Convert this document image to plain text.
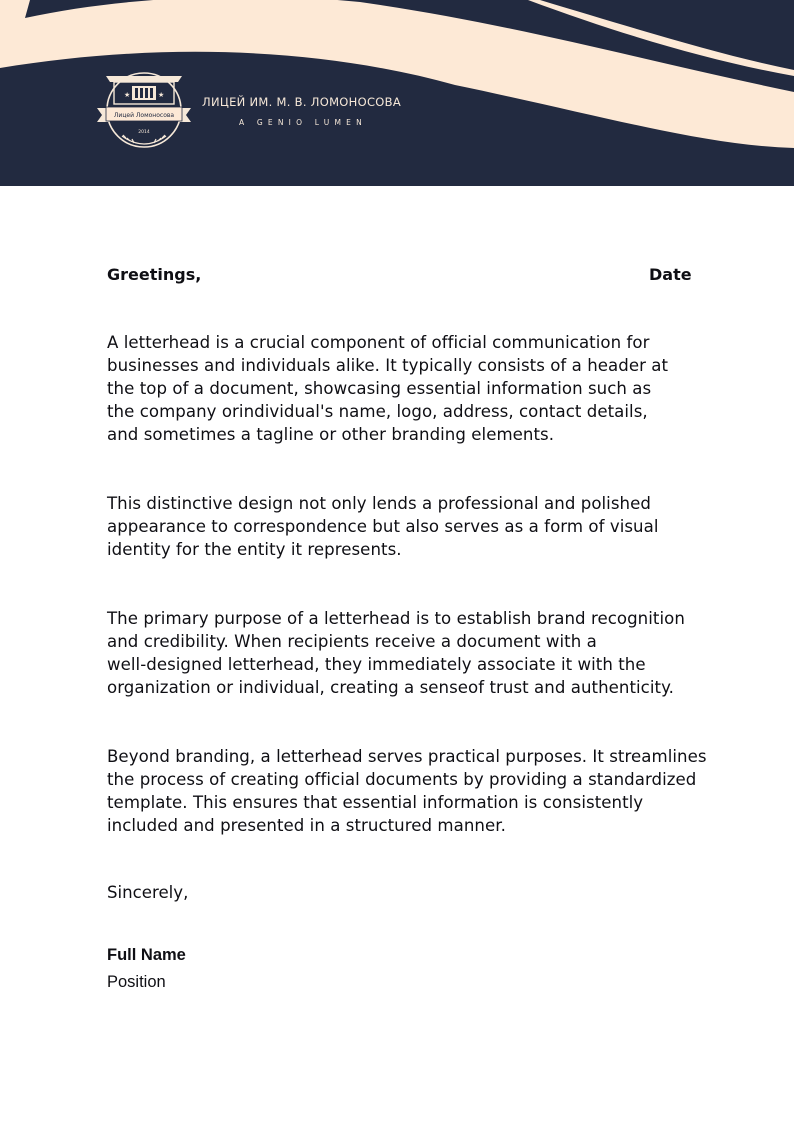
★	★
Лицей Ломоносова
2014
ЛИЦЕЙ ИМ. М. В. ЛОМОНОСОВА
A GENIO LUMEN
Greetings,	Date
A letterhead is a crucial component of official communication for
businesses and individuals alike. It typically consists of a header at
the top of a document, showcasing essential information such as
the company orindividual's name, logo, address, contact details,
and sometimes a tagline or other branding elements.
This distinctive design not only lends a professional and polished
appearance to correspondence but also serves as a form of visual
identity for the entity it represents.
The primary purpose of a letterhead is to establish brand recognition
and credibility. When recipients receive a document with a
well-designed letterhead, they immediately associate it with the
organization or individual, creating a senseof trust and authenticity.
Beyond branding, a letterhead serves practical purposes. It streamlines
the process of creating official documents by providing a standardized
template. This ensures that essential information is consistently
included and presented in a structured manner.
Sincerely,
Full Name
Position
